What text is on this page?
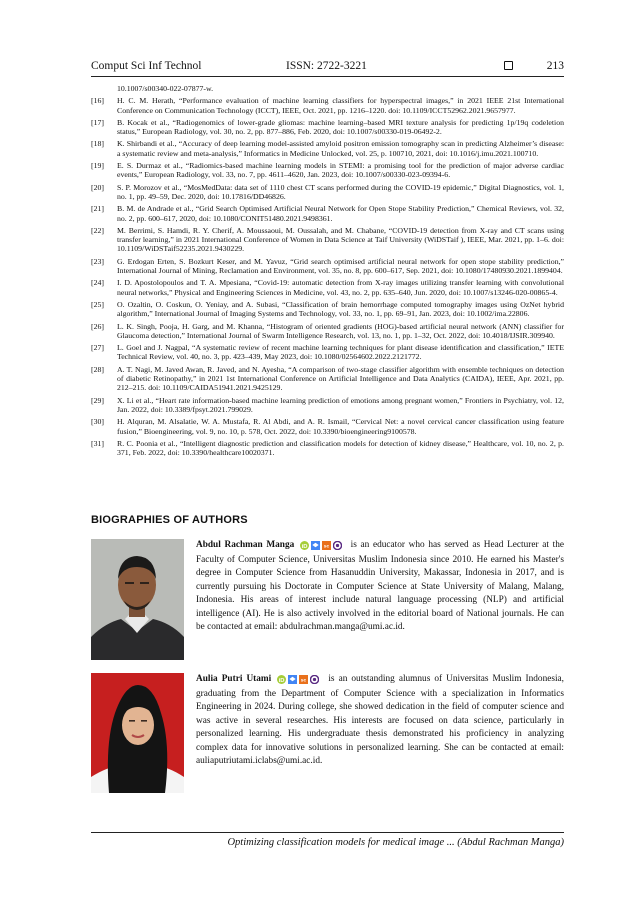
Comput Sci Inf Technol	ISSN: 2722-3221	213
10.1007/s00340-022-07877-w.
[16] H. C. M. Herath, “Performance evaluation of machine learning classifiers for hyperspectral images,” in 2021 IEEE 21st International Conference on Communication Technology (ICCT), IEEE, Oct. 2021, pp. 1216–1220. doi: 10.1109/ICCT52962.2021.9657977.
[17] B. Kocak et al., “Radiogenomics of lower-grade gliomas: machine learning–based MRI texture analysis for predicting 1p/19q codeletion status,” European Radiology, vol. 30, no. 2, pp. 877–886, Feb. 2020, doi: 10.1007/s00330-019-06492-2.
[18] K. Shirbandi et al., “Accuracy of deep learning model-assisted amyloid positron emission tomography scan in predicting Alzheimer’s disease: a systematic review and meta-analysis,” Informatics in Medicine Unlocked, vol. 25, p. 100710, 2021, doi: 10.1016/j.imu.2021.100710.
[19] E. S. Durmaz et al., “Radiomics-based machine learning models in STEMI: a promising tool for the prediction of major adverse cardiac events,” European Radiology, vol. 33, no. 7, pp. 4611–4620, Jan. 2023, doi: 10.1007/s00330-023-09394-6.
[20] S. P. Morozov et al., “MosMedData: data set of 1110 chest CT scans performed during the COVID-19 epidemic,” Digital Diagnostics, vol. 1, no. 1, pp. 49–59, Dec. 2020, doi: 10.17816/DD46826.
[21] B. M. de Andrade et al., “Grid Search Optimised Artificial Neural Network for Open Stope Stability Prediction,” Chemical Reviews, vol. 32, no. 2, pp. 600–617, 2020, doi: 10.1080/CONIT51480.2021.9498361.
[22] M. Berrimi, S. Hamdi, R. Y. Cherif, A. Moussaoui, M. Oussalah, and M. Chabane, “COVID-19 detection from X-ray and CT scans using transfer learning,” in 2021 International Conference of Women in Data Science at Taif University (WiDSTaif ), IEEE, Mar. 2021, pp. 1–6. doi: 10.1109/WiDSTaif52235.2021.9430229.
[23] G. Erdogan Erten, S. Bozkurt Keser, and M. Yavuz, “Grid search optimised artificial neural network for open stope stability prediction,” International Journal of Mining, Reclamation and Environment, vol. 35, no. 8, pp. 600–617, Sep. 2021, doi: 10.1080/17480930.2021.1899404.
[24] I. D. Apostolopoulos and T. A. Mpesiana, “Covid-19: automatic detection from X-ray images utilizing transfer learning with convolutional neural networks,” Physical and Engineering Sciences in Medicine, vol. 43, no. 2, pp. 635–640, Jun. 2020, doi: 10.1007/s13246-020-00865-4.
[25] O. Ozaltin, O. Coskun, O. Yeniay, and A. Subasi, “Classification of brain hemorrhage computed tomography images using OzNet hybrid algorithm,” International Journal of Imaging Systems and Technology, vol. 33, no. 1, pp. 69–91, Jan. 2023, doi: 10.1002/ima.22806.
[26] L. K. Singh, Pooja, H. Garg, and M. Khanna, “Histogram of oriented gradients (HOG)-based artificial neural network (ANN) classifier for Glaucoma detection,” International Journal of Swarm Intelligence Research, vol. 13, no. 1, pp. 1–32, Oct. 2022, doi: 10.4018/IJSIR.309940.
[27] L. Goel and J. Nagpal, “A systematic review of recent machine learning techniques for plant disease identification and classification,” IETE Technical Review, vol. 40, no. 3, pp. 423–439, May 2023, doi: 10.1080/02564602.2022.2121772.
[28] A. T. Nagi, M. Javed Awan, R. Javed, and N. Ayesha, “A comparison of two-stage classifier algorithm with ensemble techniques on detection of diabetic Retinopathy,” in 2021 1st International Conference on Artificial Intelligence and Data Analytics (CAIDA), IEEE, Apr. 2021, pp. 212–215. doi: 10.1109/CAIDA51941.2021.9425129.
[29] X. Li et al., “Heart rate information-based machine learning prediction of emotions among pregnant women,” Frontiers in Psychiatry, vol. 12, Jan. 2022, doi: 10.3389/fpsyt.2021.799029.
[30] H. Alquran, M. Alsalatie, W. A. Mustafa, R. Al Abdi, and A. R. Ismail, “Cervical Net: a novel cervical cancer classification using feature fusion,” Bioengineering, vol. 9, no. 10, p. 578, Oct. 2022, doi: 10.3390/bioengineering9100578.
[31] R. C. Poonia et al., “Intelligent diagnostic prediction and classification models for detection of kidney disease,” Healthcare, vol. 10, no. 2, p. 371, Feb. 2022, doi: 10.3390/healthcare10020371.
BIOGRAPHIES OF AUTHORS
Abdul Rachman Manga iD	sc is an educator who has served as Head Lecturer at the Faculty of Computer Science, Universitas Muslim Indonesia since 2010. He earned his Master's degree in Computer Science from Hasanuddin University, Makassar, Indonesia in 2017, and is currently pursuing his Doctorate in Computer Science at State University of Malang, Malang, Indonesia. His areas of interest include natural language processing (NLP) and artificial intelligence (AI). He is also actively involved in the editorial board of National journals. He can be contacted at email: abdulrachman.manga@umi.ac.id.
Aulia Putri Utami iD	sc is an outstanding alumnus of Universitas Muslim Indonesia, graduating from the Department of Computer Science with a specialization in Informatics Engineering in 2024. During college, she showed dedication in the field of computer science and was active in several researches. His interests are focused on data science, particularly in personalized learning. His undergraduate thesis demonstrated his proficiency in analyzing complex data for innovative solutions in personalized learning. She can be contacted at email: auliaputriutami.iclabs@umi.ac.id.
Optimizing classification models for medical image ... (Abdul Rachman Manga)
